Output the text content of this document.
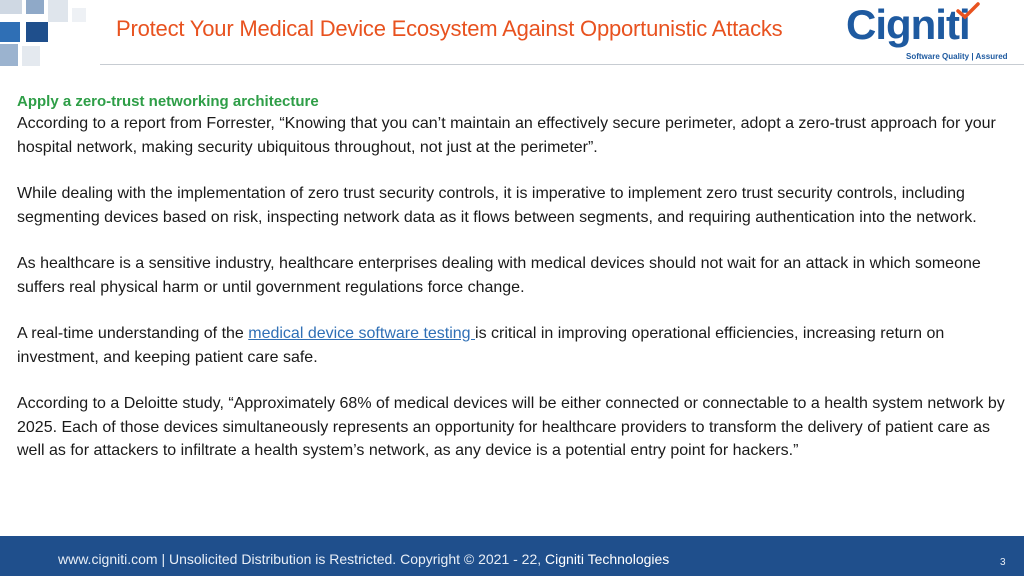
Protect Your Medical Device Ecosystem Against Opportunistic Attacks Cigniti
Software Quality | Assured
Apply a zero-trust networking architecture

According to a report from Forrester, “Knowing that you can’t maintain an effectively secure perimeter, adopt a zero-trust approach for your hospital network, making security ubiquitous throughout, not just at the perimeter”.

While dealing with the implementation of zero trust security controls, it is imperative to implement zero trust security controls, including segmenting devices based on risk, inspecting network data as it flows between segments, and requiring authentication into the network.

As healthcare is a sensitive industry, healthcare enterprises dealing with medical devices should not wait for an attack in which someone suffers real physical harm or until government regulations force change.

A real-time understanding of the medical device software testing is critical in improving operational efficiencies, increasing return on investment, and keeping patient care safe.

According to a Deloitte study, “Approximately 68% of medical devices will be either connected or connectable to a health system network by 2025. Each of those devices simultaneously represents an opportunity for healthcare providers to transform the delivery of patient care as well as for attackers to infiltrate a health system’s network, as any device is a potential entry point for hackers.”

www.cigniti.com | Unsolicited Distribution is Restricted. Copyright © 2021 - 22, Cigniti Technologies	3
